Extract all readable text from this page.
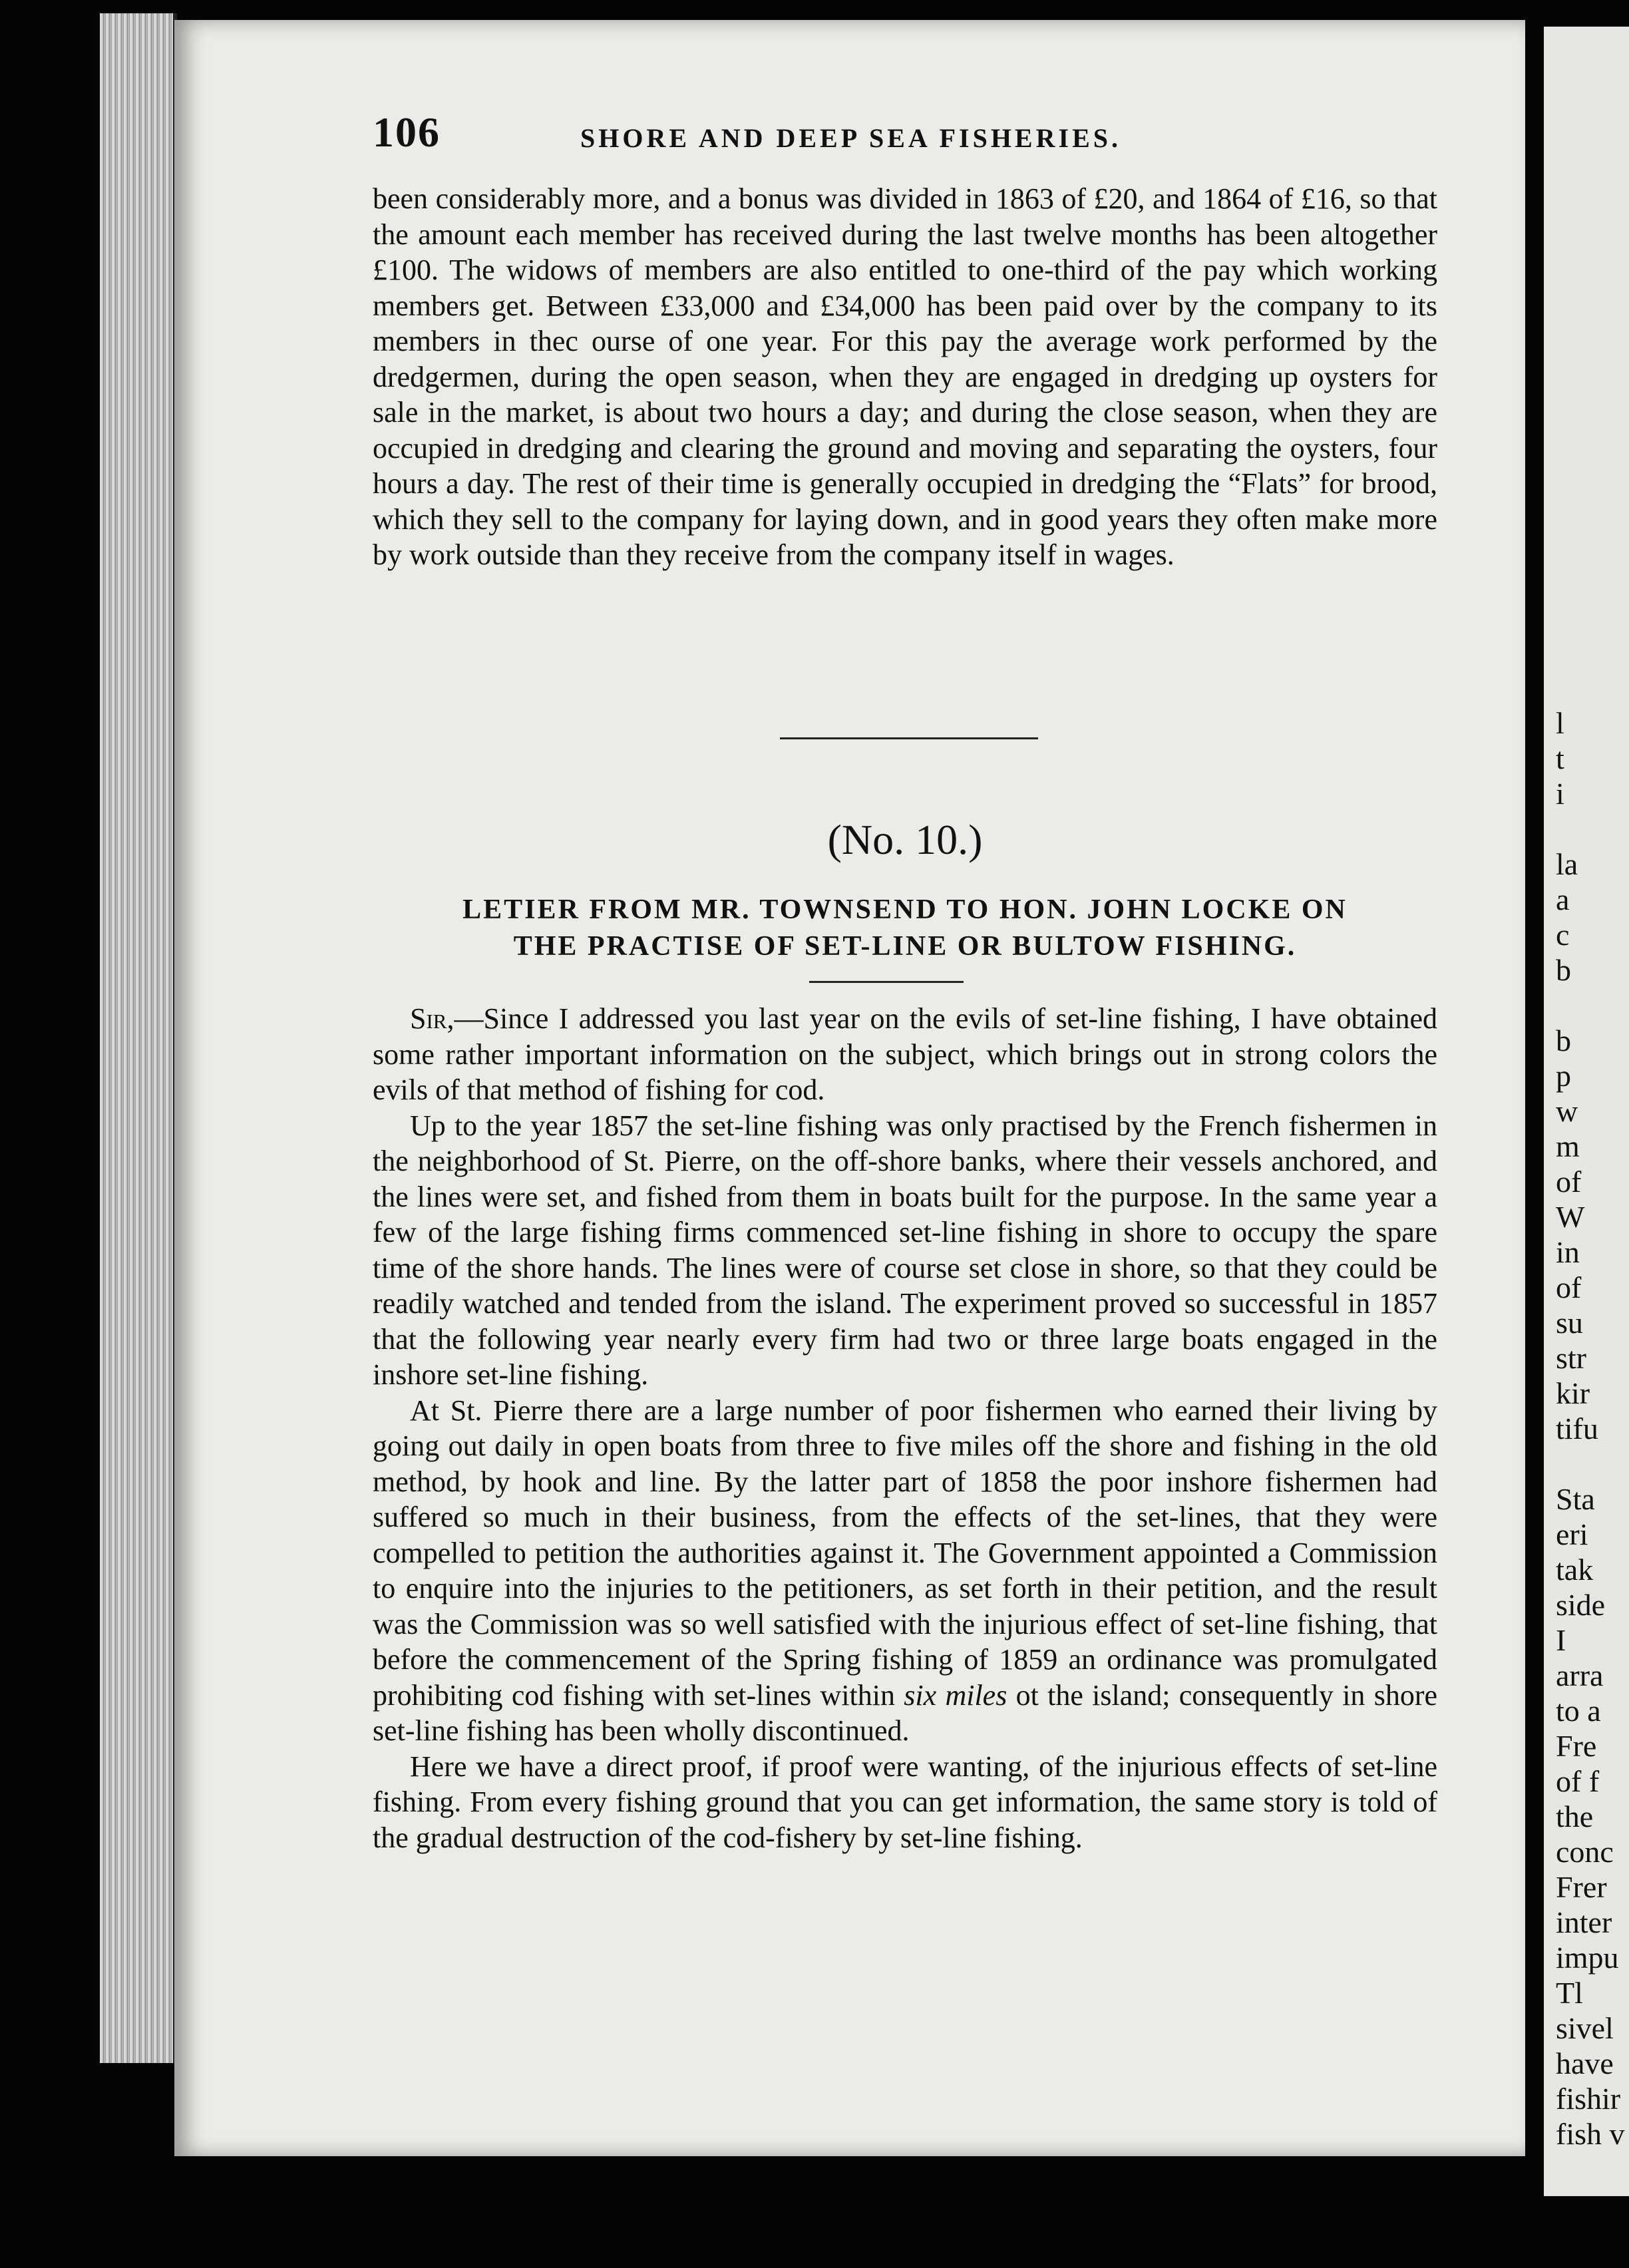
l
t
i
la
a
c
b
b
p
w
m
of
W
in
of
su
str
kir
tifu
Sta
eri
tak
side
I
arra
to a
Fre
of f
the
conc
Frer
inter
impu
Tl
sivel
have
fishir
fish v
106	SHORE AND DEEP SEA FISHERIES.

been considerably more, and a bonus was divided in 1863 of £20, and 1864 of £16, so that the amount each member has received during the last twelve months has been altogether £100. The widows of members are also entitled to one-third of the pay which working members get. Between £33,000 and £34,000 has been paid over by the company to its members in thec ourse of one year. For this pay the average work performed by the dredgermen, during the open season, when they are engaged in dredging up oysters for sale in the market, is about two hours a day; and during the close season, when they are occupied in dredging and clearing the ground and moving and separating the oysters, four hours a day. The rest of their time is generally occupied in dredging the “Flats” for brood, which they sell to the company for laying down, and in good years they often make more by work outside than they receive from the company itself in wages.

(No. 10.)
LETIER FROM MR. TOWNSEND TO HON. JOHN LOCKE ON
THE PRACTISE OF SET-LINE OR BULTOW FISHING.

Sir,—Since I addressed you last year on the evils of set-line fishing, I have obtained some rather important information on the subject, which brings out in strong colors the evils of that method of fishing for cod.

Up to the year 1857 the set-line fishing was only practised by the French fishermen in the neighborhood of St. Pierre, on the off-shore banks, where their vessels anchored, and the lines were set, and fished from them in boats built for the purpose. In the same year a few of the large fishing firms commenced set-line fishing in shore to occupy the spare time of the shore hands. The lines were of course set close in shore, so that they could be readily watched and tended from the island. The experiment proved so successful in 1857 that the following year nearly every firm had two or three large boats engaged in the inshore set-line fishing.

At St. Pierre there are a large number of poor fishermen who earned their living by going out daily in open boats from three to five miles off the shore and fishing in the old method, by hook and line. By the latter part of 1858 the poor inshore fishermen had suffered so much in their business, from the effects of the set-lines, that they were compelled to petition the authorities against it. The Government appointed a Commission to enquire into the injuries to the petitioners, as set forth in their petition, and the result was the Commission was so well satisfied with the injurious effect of set-line fishing, that before the commencement of the Spring fishing of 1859 an ordinance was promulgated prohibiting cod fishing with set-lines within six miles ot the island; consequently in shore set-line fishing has been wholly discontinued.

Here we have a direct proof, if proof were wanting, of the injurious effects of set-line fishing. From every fishing ground that you can get information, the same story is told of the gradual destruction of the cod-fishery by set-line fishing.
